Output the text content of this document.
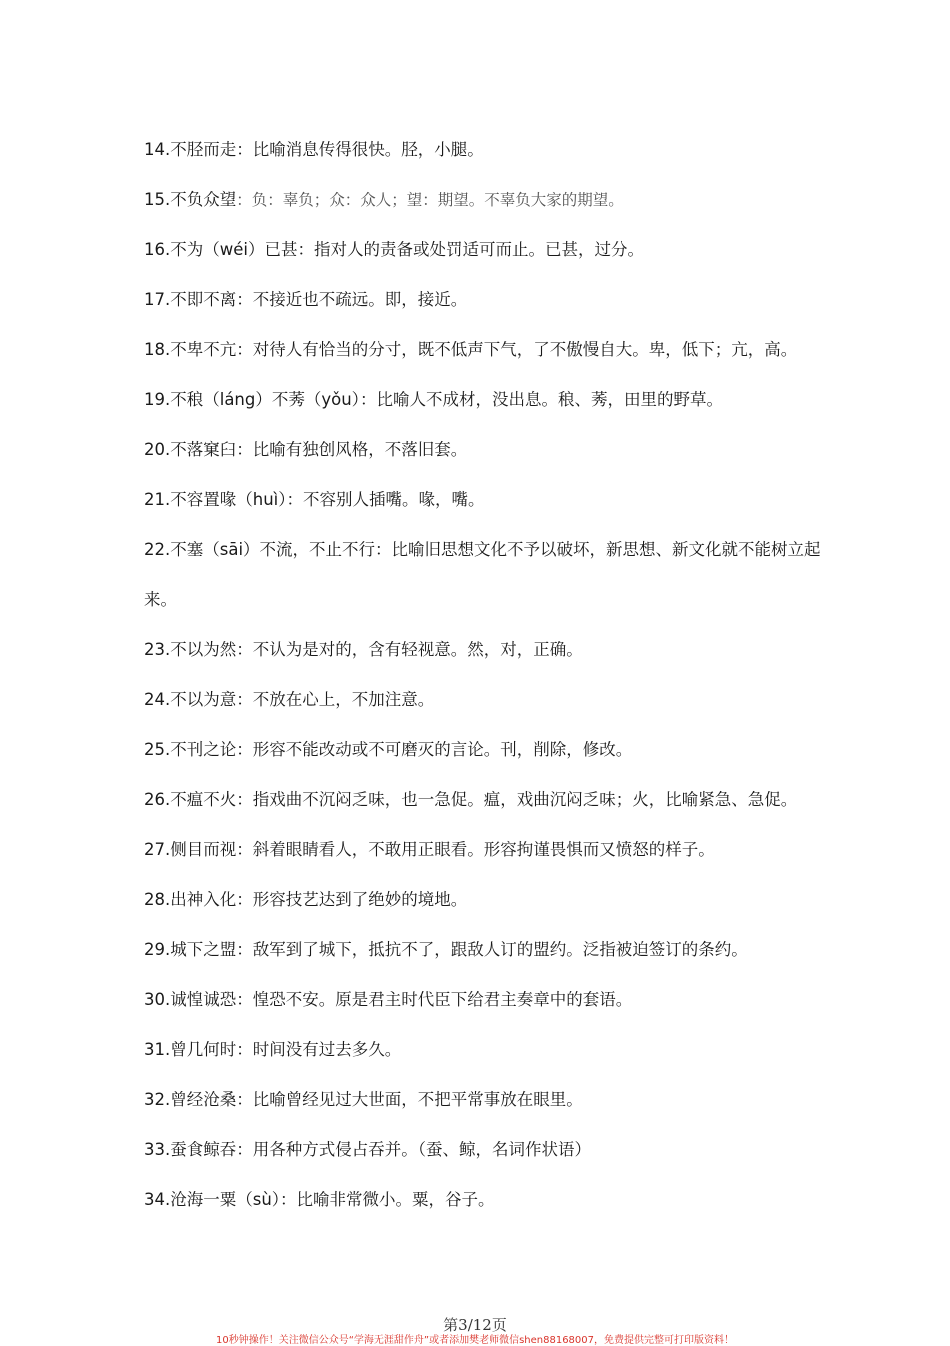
14.不胫而走：比喻消息传得很快。胫，小腿。
15.不负众望：负：辜负；众：众人；望：期望。不辜负大家的期望。
16.不为（wéi）已甚：指对人的责备或处罚适可而止。已甚，过分。
17.不即不离：不接近也不疏远。即，接近。
18.不卑不亢：对待人有恰当的分寸，既不低声下气，了不傲慢自大。卑，低下；亢，高。
19.不稂（láng）不莠（yǒu）：比喻人不成材，没出息。稂、莠，田里的野草。
20.不落窠臼：比喻有独创风格，不落旧套。
21.不容置喙（huì）：不容别人插嘴。喙，嘴。
22.不塞（sāi）不流，不止不行：比喻旧思想文化不予以破坏，新思想、新文化就不能树立起来。
23.不以为然：不认为是对的，含有轻视意。然，对，正确。
24.不以为意：不放在心上，不加注意。
25.不刊之论：形容不能改动或不可磨灭的言论。刊，削除，修改。
26.不瘟不火：指戏曲不沉闷乏味，也一急促。瘟，戏曲沉闷乏味；火，比喻紧急、急促。
27.侧目而视：斜着眼睛看人，不敢用正眼看。形容拘谨畏惧而又愤怒的样子。
28.出神入化：形容技艺达到了绝妙的境地。
29.城下之盟：敌军到了城下，抵抗不了，跟敌人订的盟约。泛指被迫签订的条约。
30.诚惶诚恐：惶恐不安。原是君主时代臣下给君主奏章中的套语。
31.曾几何时：时间没有过去多久。
32.曾经沧桑：比喻曾经见过大世面，不把平常事放在眼里。
33.蚕食鲸吞：用各种方式侵占吞并。（蚕、鲸，名词作状语）
34.沧海一粟（sù）：比喻非常微小。粟，谷子。
第3/12页
10秒钟操作！关注微信公众号“学海无涯甜作舟”或者添加樊老师微信shen88168007，免费提供完整可打印版资料！
